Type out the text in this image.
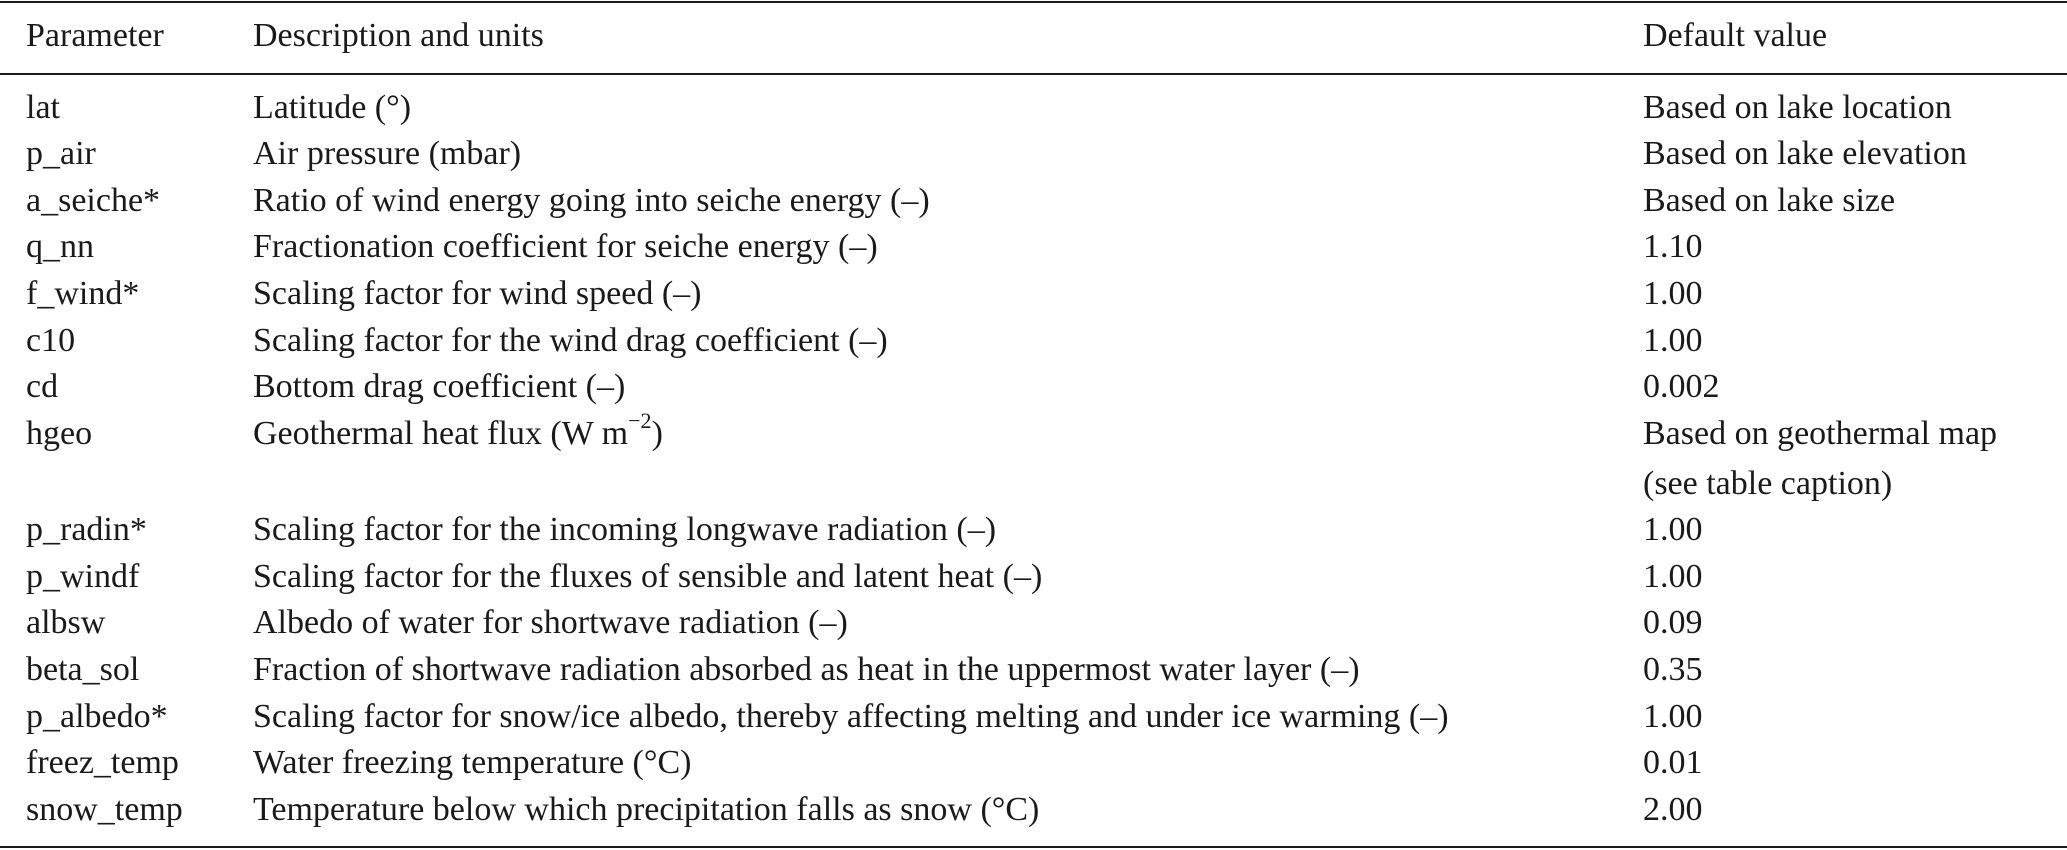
Parameter	Description and units	Default value
lat	Latitude (°)	Based on lake location
p_air	Air pressure (mbar)	Based on lake elevation
a_seiche*	Ratio of wind energy going into seiche energy (–)	Based on lake size
q_nn	Fractionation coefficient for seiche energy (–)	1.10
f_wind*	Scaling factor for wind speed (–)	1.00
c10	Scaling factor for the wind drag coefficient (–)	1.00
cd	Bottom drag coefficient (–)	0.002
hgeo	Geothermal heat flux (W $m^{-2}$)	Based on geothermal map
(see table caption)
p_radin*	Scaling factor for the incoming longwave radiation (–)	1.00
p_windf	Scaling factor for the fluxes of sensible and latent heat (–)	1.00
albsw	Albedo of water for shortwave radiation (–)	0.09
beta_sol	Fraction of shortwave radiation absorbed as heat in the uppermost water layer (–)	0.35
p_albedo*	Scaling factor for snow/ice albedo, thereby affecting melting and under ice warming (–)	1.00
freez_temp Water freezing temperature (°C)	0.01
snow_temp Temperature below which precipitation falls as snow (°C)	2.00
